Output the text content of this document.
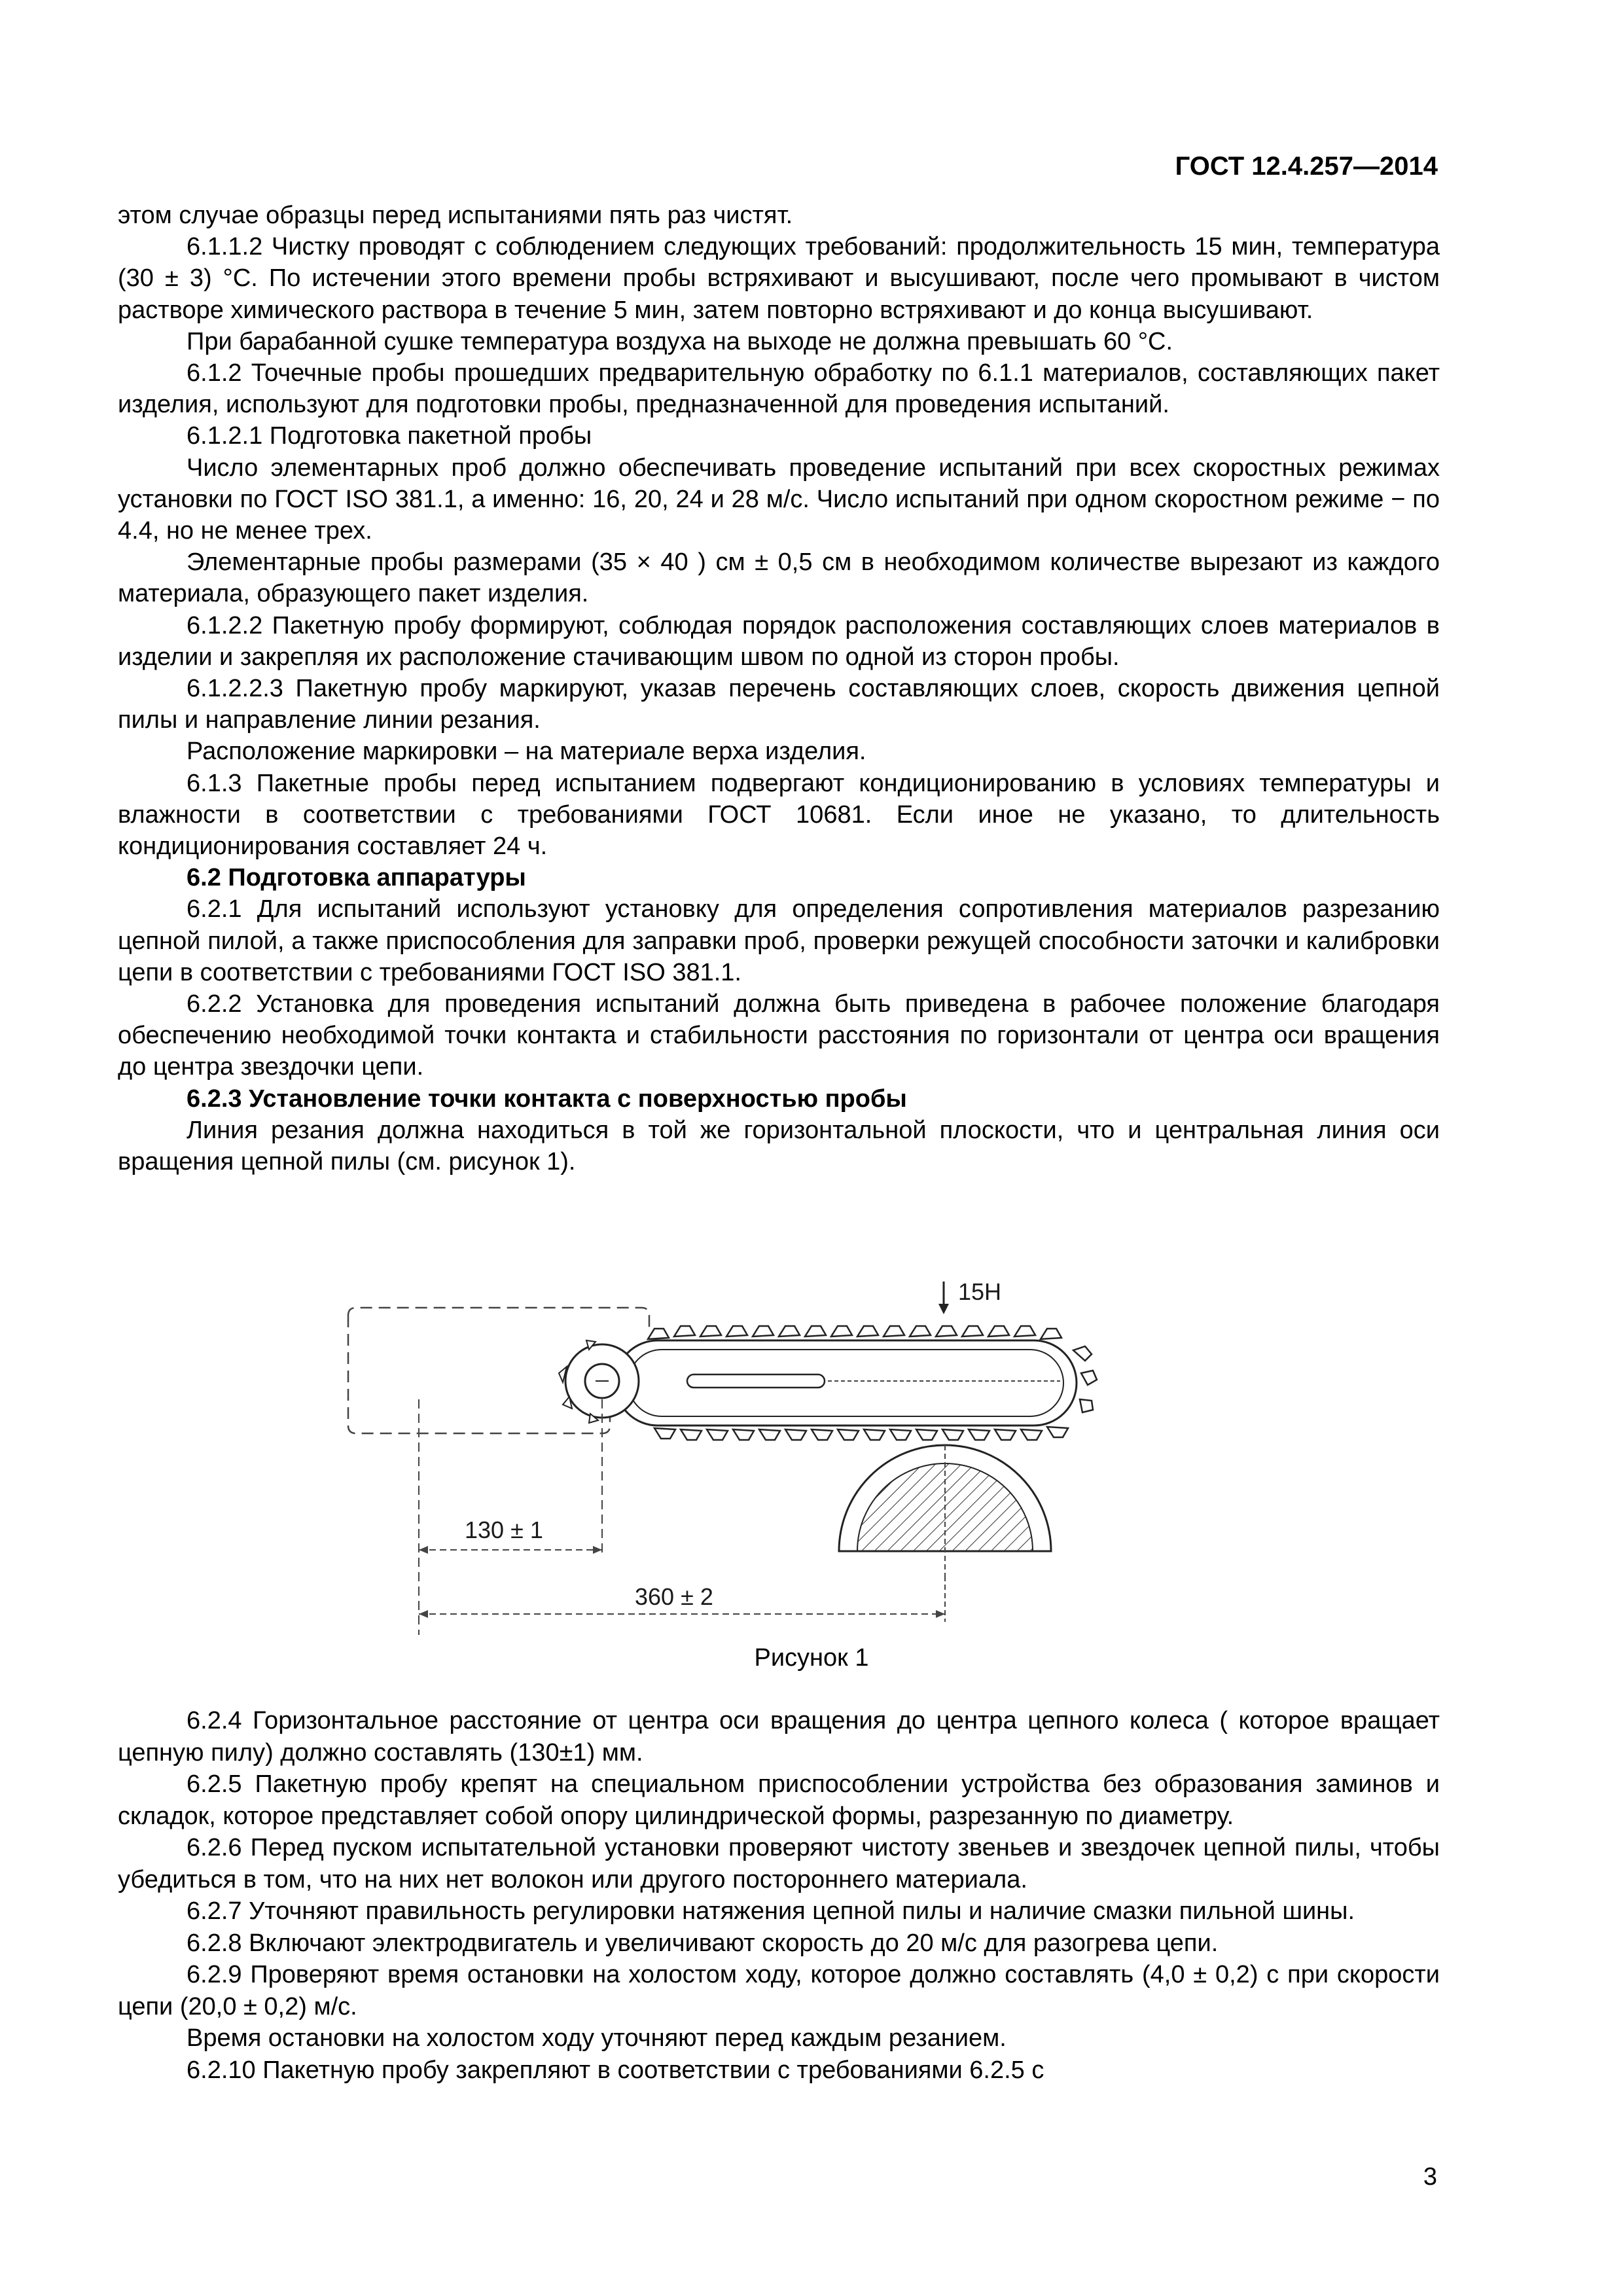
ГОСТ 12.4.257—2014

этом случае образцы перед испытаниями пять раз чистят.

6.1.1.2 Чистку проводят с соблюдением следующих требований: продолжительность 15 мин, температура (30 ± 3) °С. По истечении этого времени пробы встряхивают и высушивают, после чего промывают в чистом растворе химического раствора в течение 5 мин, затем повторно встряхивают и до конца высушивают.

При барабанной сушке температура воздуха на выходе не должна превышать 60 °С.

6.1.2 Точечные пробы прошедших предварительную обработку по 6.1.1 материалов, составляющих пакет изделия, используют для подготовки пробы, предназначенной для проведения испытаний.

6.1.2.1 Подготовка пакетной пробы

Число элементарных проб должно обеспечивать проведение испытаний при всех скоростных режимах установки по ГОСТ ISO 381.1, а именно: 16, 20, 24 и 28 м/с. Число испытаний при одном скоростном режиме − по 4.4, но не менее трех.

Элементарные пробы размерами (35 × 40 ) см ± 0,5 см в необходимом количестве вырезают из каждого материала, образующего пакет изделия.

6.1.2.2 Пакетную пробу формируют, соблюдая порядок расположения составляющих слоев материалов в изделии и закрепляя их расположение стачивающим швом по одной из сторон пробы.

6.1.2.2.3 Пакетную пробу маркируют, указав перечень составляющих слоев, скорость движения цепной пилы и направление линии резания.

Расположение маркировки – на материале верха изделия.

6.1.3 Пакетные пробы перед испытанием подвергают кондиционированию в условиях температуры и влажности в соответствии с требованиями ГОСТ 10681. Если иное не указано, то длительность кондиционирования составляет 24 ч.

6.2 Подготовка аппаратуры

6.2.1 Для испытаний используют установку для определения сопротивления материалов разрезанию цепной пилой, а также приспособления для заправки проб, проверки режущей способности заточки и калибровки цепи в соответствии с требованиями ГОСТ ISO 381.1.

6.2.2 Установка для проведения испытаний должна быть приведена в рабочее положение благодаря обеспечению необходимой точки контакта и стабильности расстояния по горизонтали от центра оси вращения до центра звездочки цепи.

6.2.3 Установление точки контакта с поверхностью пробы

Линия резания должна находиться в той же горизонтальной плоскости, что и центральная линия оси вращения цепной пилы (см. рисунок 1).

15Н
130 ± 1
360 ± 2
Рисунок 1

6.2.4 Горизонтальное расстояние от центра оси вращения до центра цепного колеса ( которое вращает цепную пилу) должно составлять (130±1) мм.

6.2.5 Пакетную пробу крепят на специальном приспособлении устройства без образования заминов и складок, которое представляет собой опору цилиндрической формы, разрезанную по диаметру.

6.2.6 Перед пуском испытательной установки проверяют чистоту звеньев и звездочек цепной пилы, чтобы убедиться в том, что на них нет волокон или другого постороннего материала.

6.2.7 Уточняют правильность регулировки натяжения цепной пилы и наличие смазки пильной шины.

6.2.8 Включают электродвигатель и увеличивают скорость до 20 м/с для разогрева цепи.

6.2.9 Проверяют время остановки на холостом ходу, которое должно составлять (4,0 ± 0,2) с при скорости цепи (20,0 ± 0,2) м/с.

Время остановки на холостом ходу уточняют перед каждым резанием.

6.2.10 Пакетную пробу закрепляют в соответствии с требованиями 6.2.5 с

3
